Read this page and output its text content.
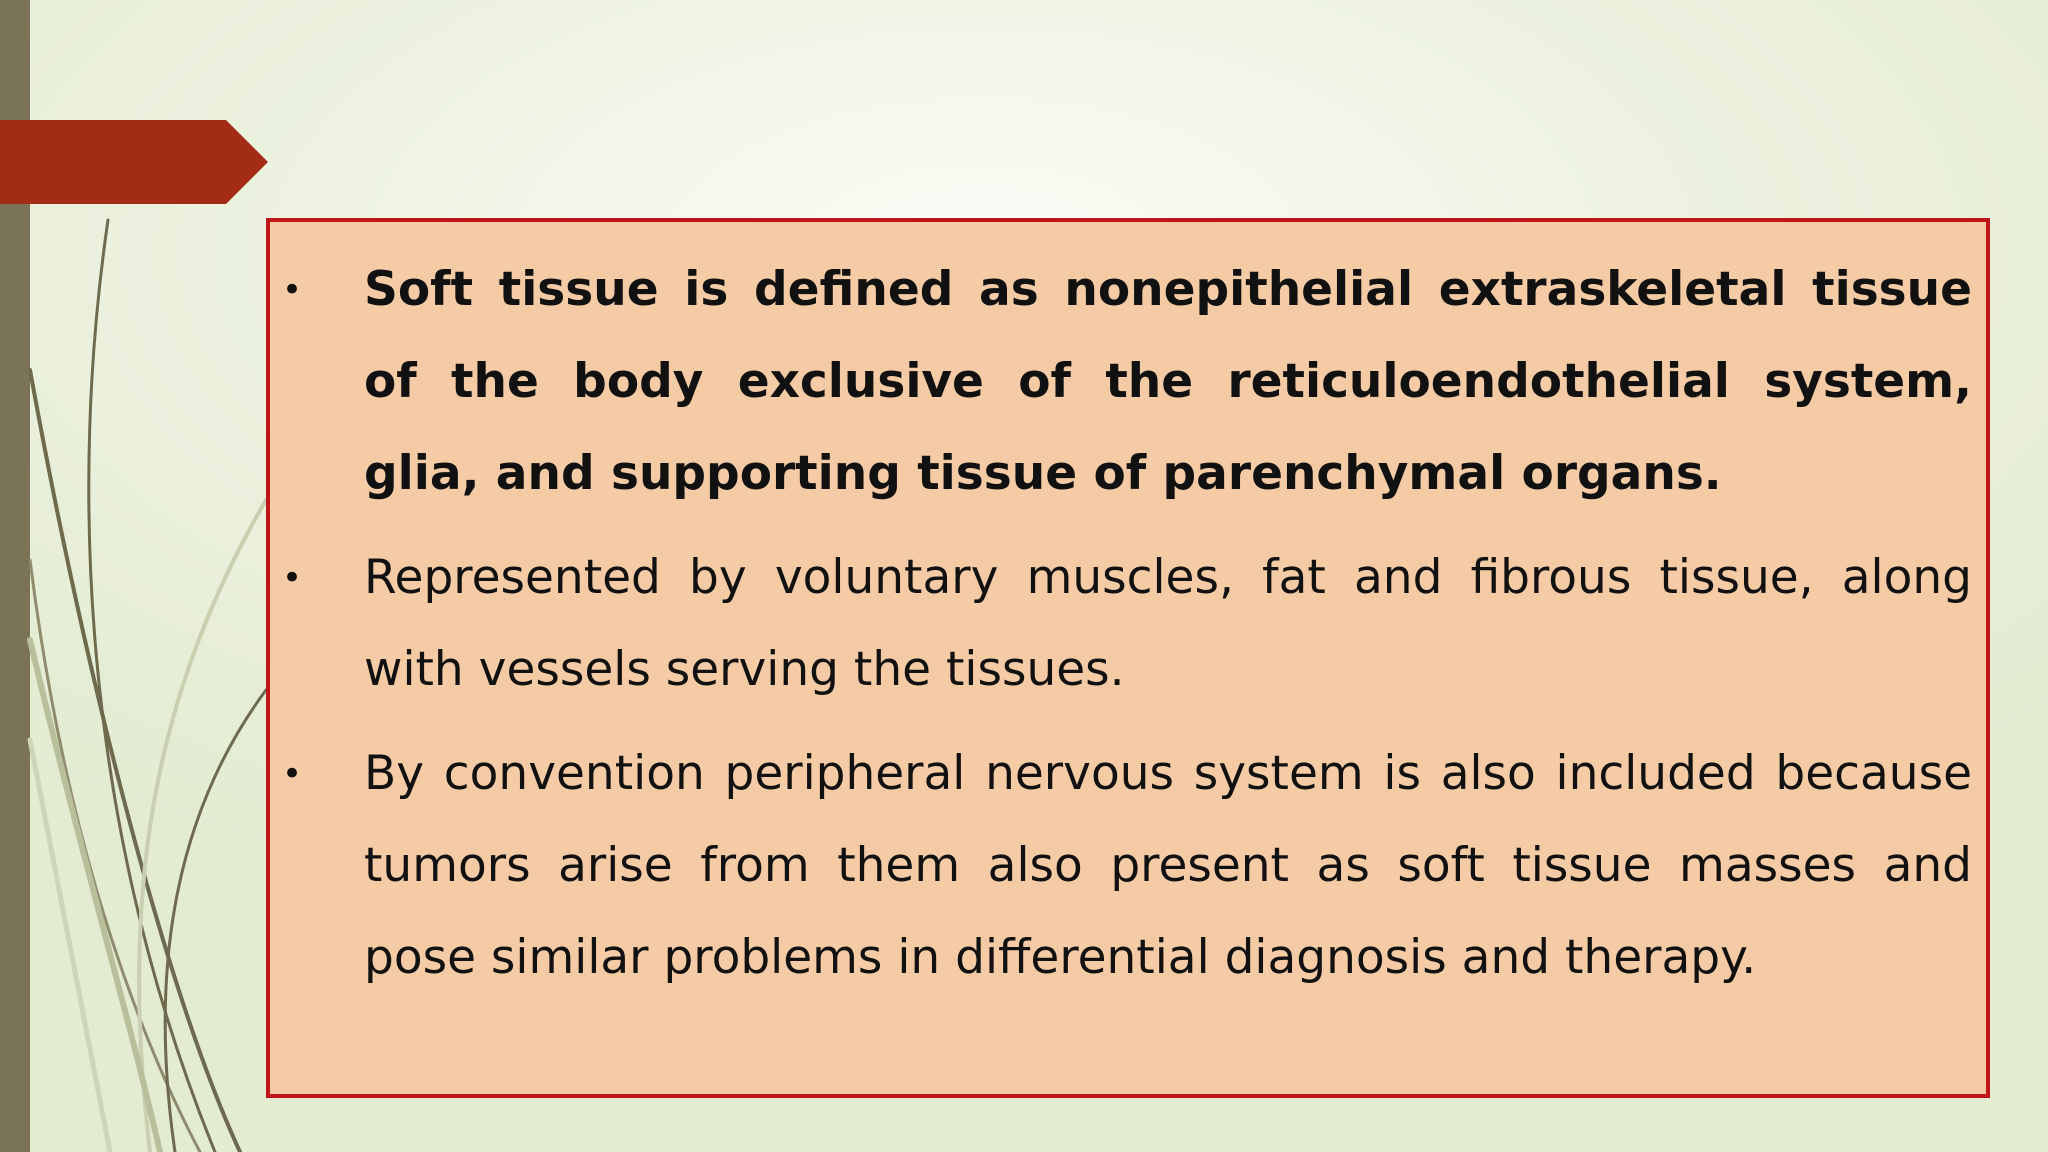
•	Soft tissue is defined as nonepithelial extraskeletal tissue of the body exclusive of the reticuloendothelial system, glia, and supporting tissue of parenchymal organs.
•	Represented by voluntary muscles, fat and fibrous tissue, along with vessels serving the tissues.
•	By convention peripheral nervous system is also included because tumors arise from them also present as soft tissue masses and pose similar problems in differential diagnosis and therapy.
